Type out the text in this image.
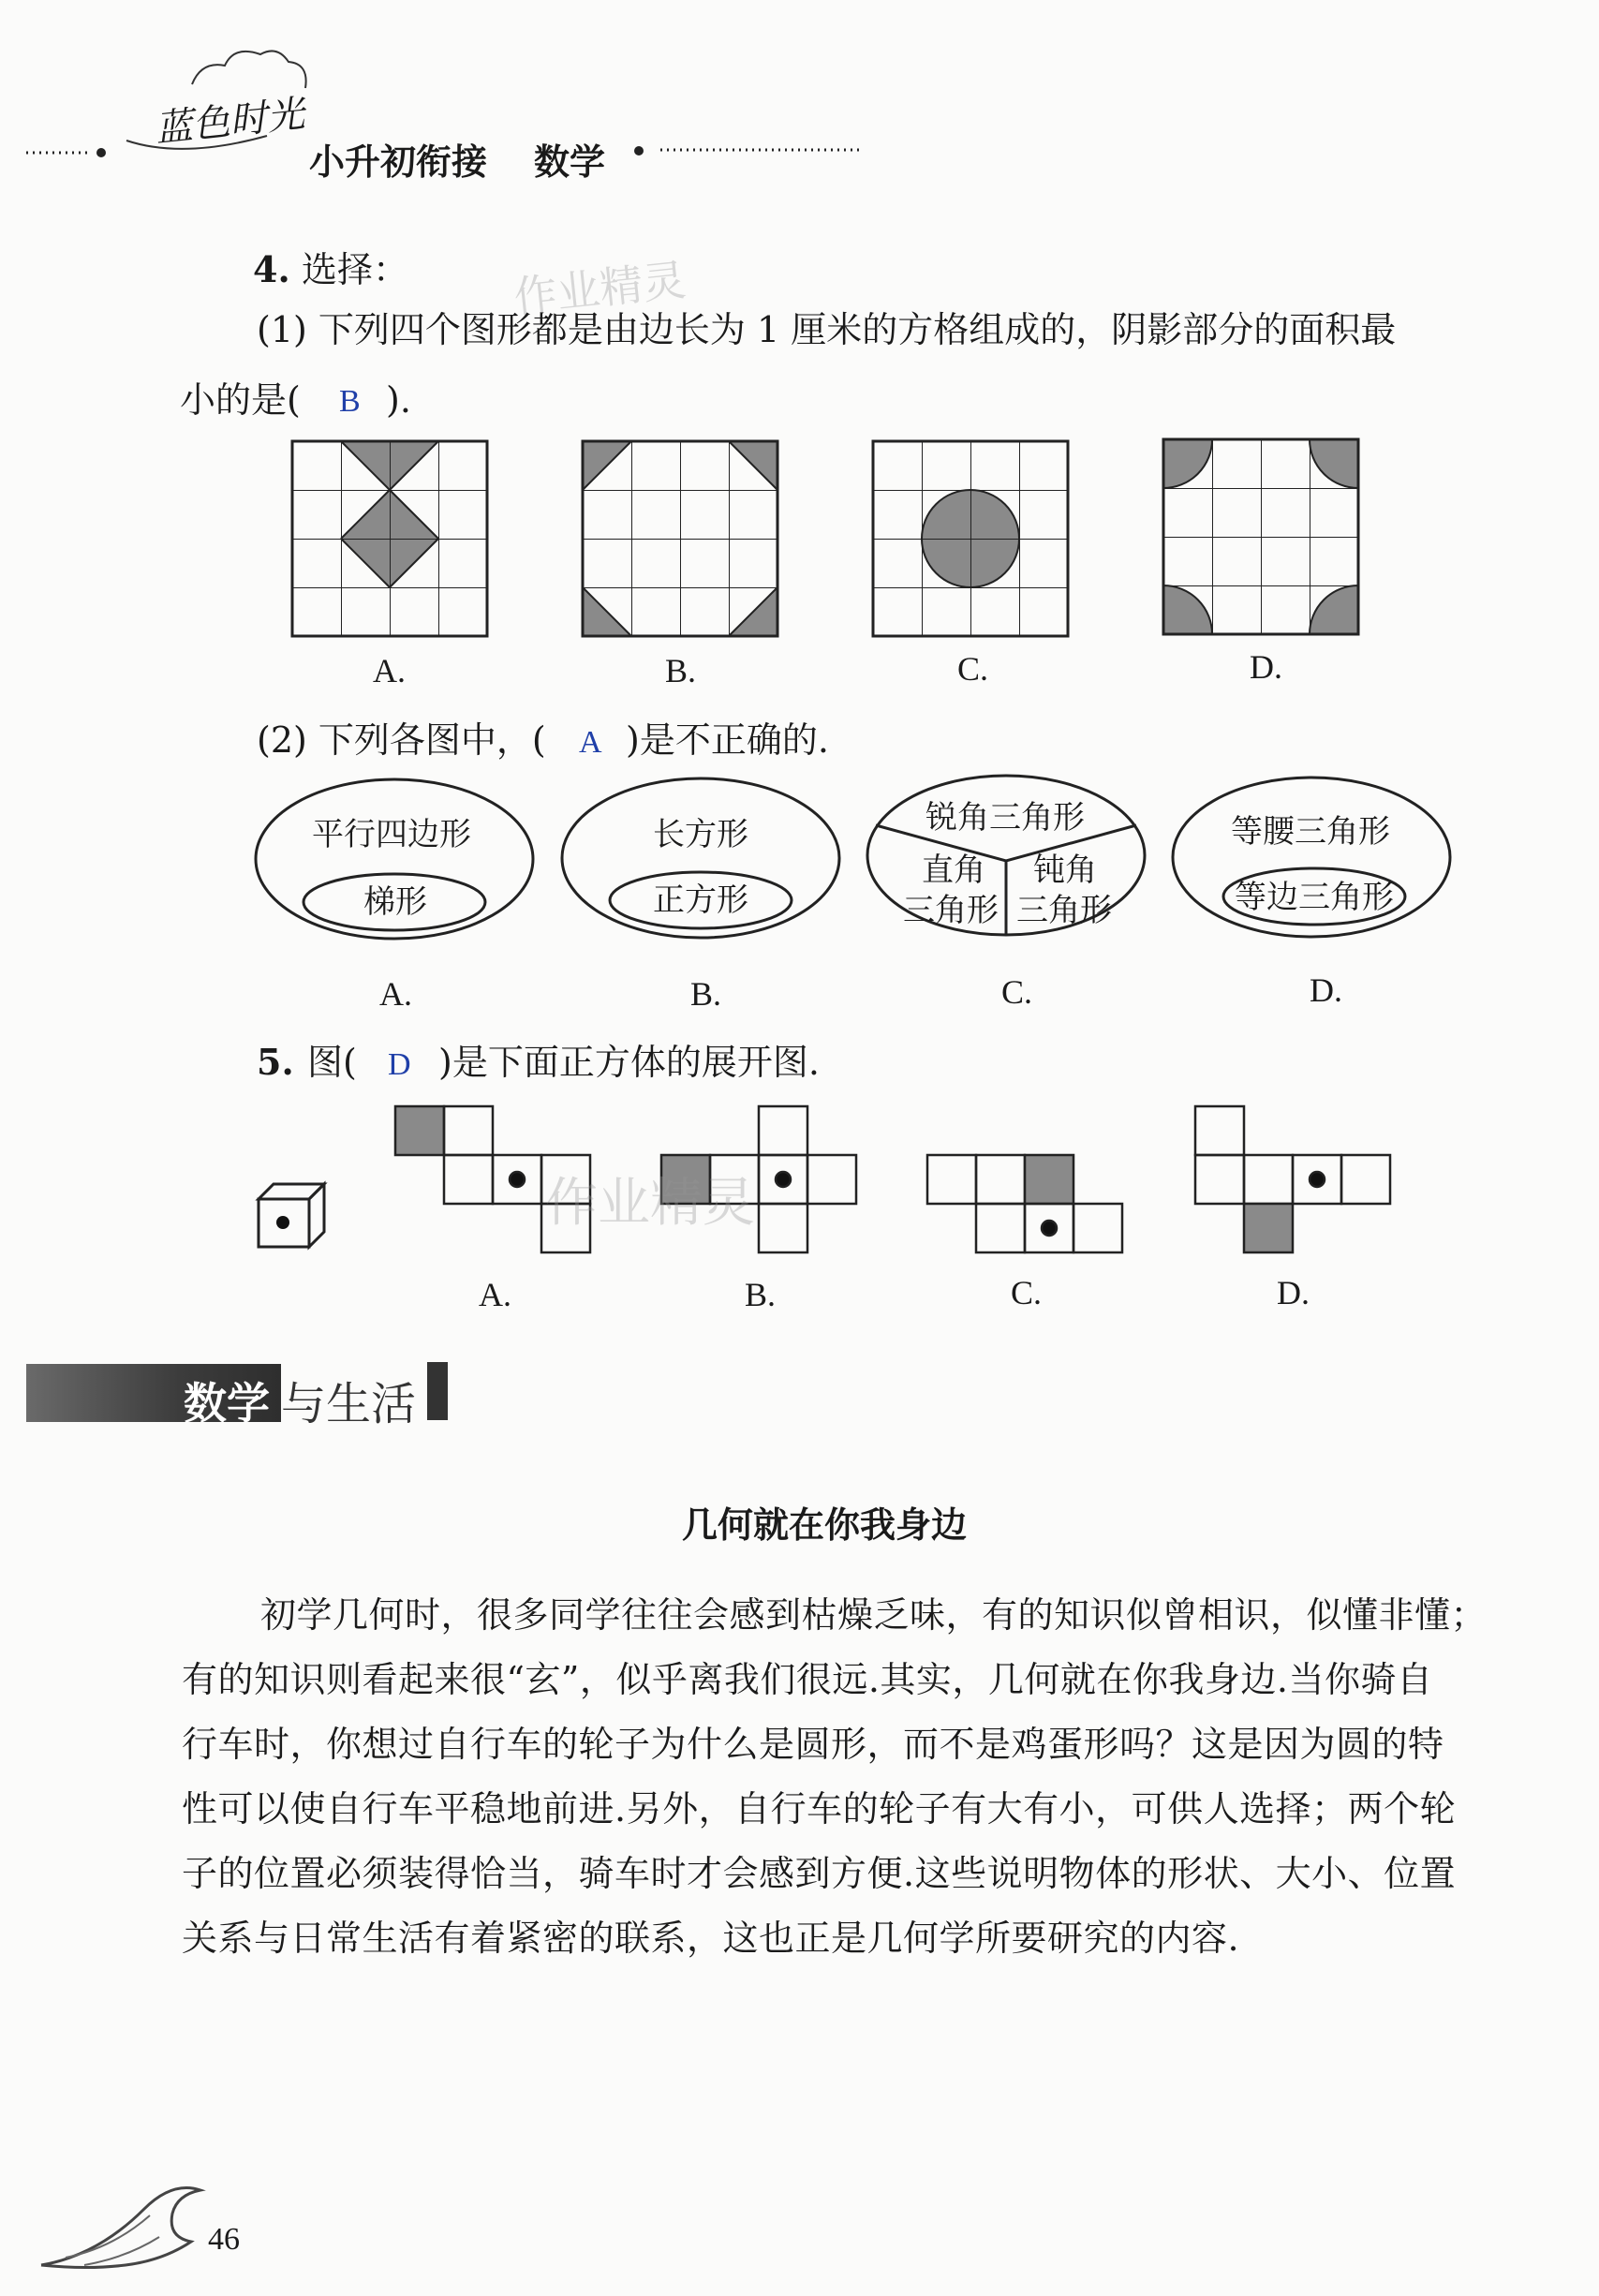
蓝色时光
小升初衔接 数学
4. 选择：
(1) 下列四个图形都是由边长为 1 厘米的方格组成的，阴影部分的面积最
小的是( B ).
A.	B.	C.	D.
(2) 下列各图中，( A )是不正确的.
平行四边形
梯形
长方形
正方形
锐角三角形
直角
三角形
钝角
三角形
等腰三角形
等边三角形
A.	B.	C.	D.
5. 图( D )是下面正方体的展开图.
A.	B.	C.	D.
作业精灵
作业精灵
数学 与生活
几何就在你我身边
初学几何时，很多同学往往会感到枯燥乏味，有的知识似曾相识，似懂非懂；
有的知识则看起来很“玄”，似乎离我们很远.其实，几何就在你我身边.当你骑自
行车时，你想过自行车的轮子为什么是圆形，而不是鸡蛋形吗？这是因为圆的特
性可以使自行车平稳地前进.另外，自行车的轮子有大有小，可供人选择；两个轮
子的位置必须装得恰当，骑车时才会感到方便.这些说明物体的形状、大小、位置
关系与日常生活有着紧密的联系，这也正是几何学所要研究的内容.
46
